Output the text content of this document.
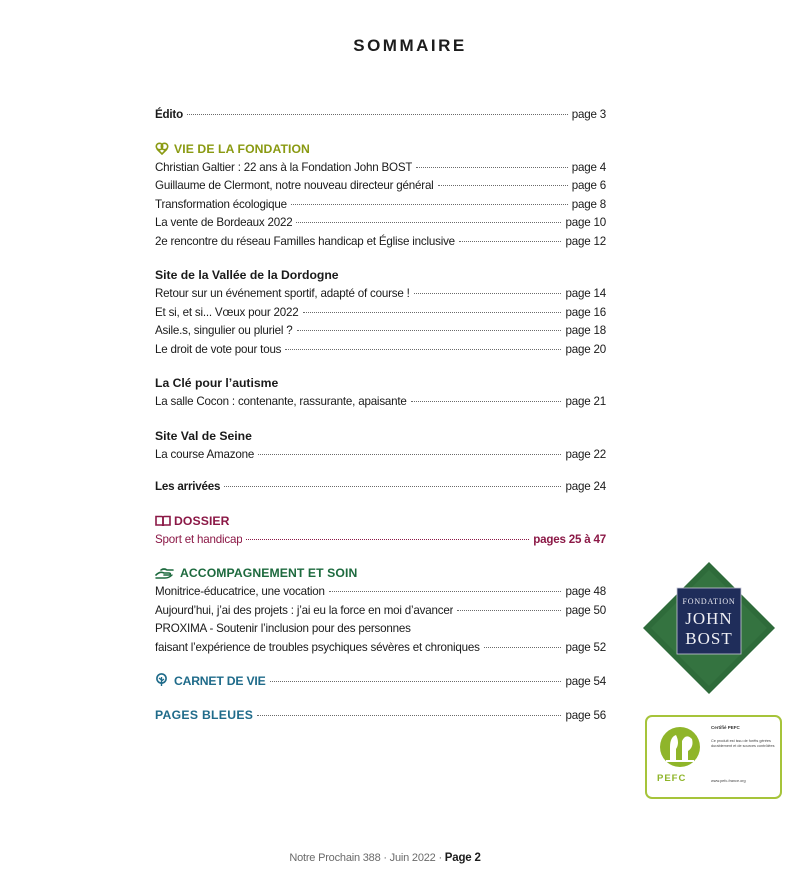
SOMMAIRE
Édito	page 3
VIE DE LA FONDATION
Christian Galtier : 22 ans à la Fondation John BOST	page 4
Guillaume de Clermont, notre nouveau directeur général	page 6
Transformation écologique	page 8
La vente de Bordeaux 2022	page 10
2e rencontre du réseau Familles handicap et Église inclusive	page 12
Site de la Vallée de la Dordogne
Retour sur un événement sportif, adapté of course !	page 14
Et si, et si... Vœux pour 2022	page 16
Asile.s, singulier ou pluriel ?	page 18
Le droit de vote pour tous	page 20
La Clé pour l’autisme
La salle Cocon : contenante, rassurante, apaisante	page 21
Site Val de Seine
La course Amazone	page 22
Les arrivées	page 24
DOSSIER
Sport et handicap	pages 25 à 47
ACCOMPAGNEMENT ET SOIN
Monitrice-éducatrice, une vocation	page 48
Aujourd’hui, j’ai des projets : j’ai eu la force en moi d’avancer	page 50
PROXIMA - Soutenir l’inclusion pour des personnes
faisant l’expérience de troubles psychiques sévères et chroniques	page 52
CARNET DE VIE	page 54
PAGES BLEUES	page 56
FONDATION
JOHN
BOST
PEFC
Certifié PEFC
Ce produit est issu de forêts gérées durablement et de sources contrôlées
www.pefc-france.org
Notre Prochain 388 · Juin 2022 · Page 2
